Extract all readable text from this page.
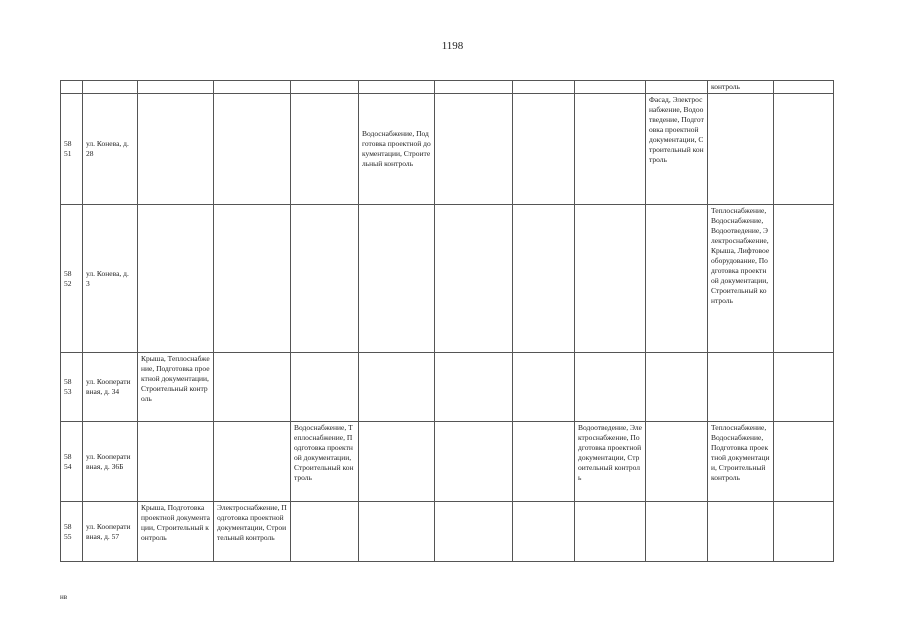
1198
										контроль	
58
51	ул. Конева, д. 28				Водоснабжение, Подготовка проектной документации, Строительный контроль				Фасад, Электроснабжение, Водоотведение, Подготовка проектной документации, Строительный контроль		
58
52	ул. Конева, д. 3									Теплоснабжение, Водоснабжение, Водоотведение, Электроснабжение, Крыша, Лифтовое оборудование, Подготовка проектной документации, Строительный контроль	
58
53	ул. Кооперативная, д. 34	Крыша, Теплоснабжение, Подготовка проектной документации, Строительный контроль									
58
54	ул. Кооперативная, д. 36Б			Водоснабжение, Теплоснабжение, Подготовка проектной документации, Строительный контроль				Водоотведение, Электроснабжение, Подготовка проектной документации, Строительный контроль		Теплоснабжение, Водоснабжение, Подготовка проектной документации, Строительный контроль	
58
55	ул. Кооперативная, д. 57	Крыша, Подготовка проектной документации, Строительный контроль	Электроснабжение, Подготовка проектной документации, Строительный контроль								
нв
